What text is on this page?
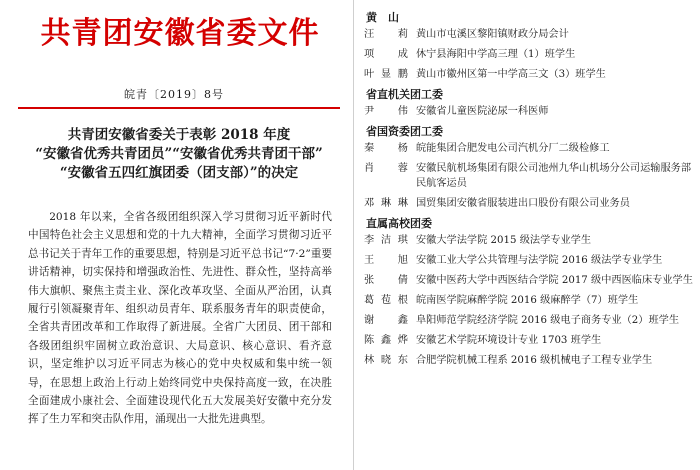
共青团安徽省委文件
皖青〔2019〕8号
共青团安徽省委关于表彰 2018 年度
“安徽省优秀共青团员”“安徽省优秀共青团干部”
“安徽省五四红旗团委（团支部）”的决定
2018 年以来，全省各级团组织深入学习贯彻习近平新时代中国特色社会主义思想和党的十九大精神，全面学习贯彻习近平总书记关于青年工作的重要思想，特别是习近平总书记“7·2”重要讲话精神，切实保持和增强政治性、先进性、群众性，坚持高举伟大旗帜、聚焦主责主业、深化改革攻坚、全面从严治团，认真履行引领凝聚青年、组织动员青年、联系服务青年的职责使命，全省共青团改革和工作取得了新进展。全省广大团员、团干部和各级团组织牢固树立政治意识、大局意识、核心意识、看齐意识，坚定维护以习近平同志为核心的党中央权威和集中统一领导，在思想上政治上行动上始终同党中央保持高度一致，在决胜全面建成小康社会、全面建设现代化五大发展美好安徽中充分发挥了生力军和突击队作用，涌现出一大批先进典型。
黄　山
汪　莉 黄山市屯溪区黎阳镇财政分局会计
项　成 休宁县海阳中学高三理（1）班学生
叶显鹏 黄山市徽州区第一中学高三文（3）班学生
省直机关团工委
尹　伟 安徽省儿童医院泌尿一科医师
省国资委团工委
秦　杨 皖能集团合肥发电公司汽机分厂二级检修工
肖　蓉 安徽民航机场集团有限公司池州九华山机场分公司运输服务部民航客运员
邓琳琳 国贸集团安徽省服装进出口股份有限公司业务员
直属高校团委
李洁琪 安徽大学法学院 2015 级法学专业学生
王　旭 安徽工业大学公共管理与法学院 2016 级法学专业学生
张　倩 安徽中医药大学中西医结合学院 2017 级中西医临床专业学生
葛苞根 皖南医学院麻醉学院 2016 级麻醉学（7）班学生
谢　鑫 阜阳师范学院经济学院 2016 级电子商务专业（2）班学生
陈鑫烨 安徽艺术学院环境设计专业 1703 班学生
林晓东 合肥学院机械工程系 2016 级机械电子工程专业学生
